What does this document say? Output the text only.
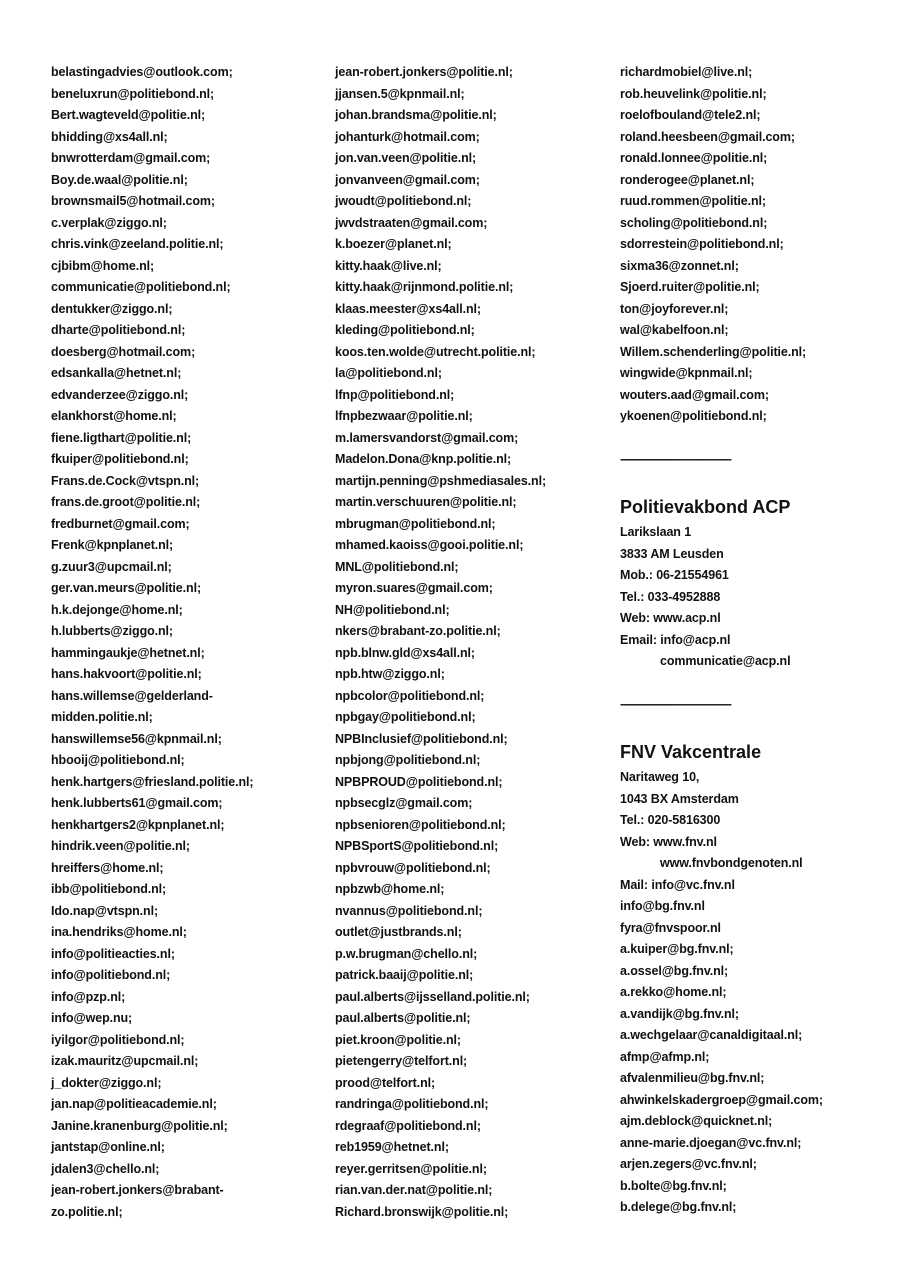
belastingadvies@outlook.com;
beneluxrun@politiebond.nl;
Bert.wagteveld@politie.nl;
bhidding@xs4all.nl;
bnwrotterdam@gmail.com;
Boy.de.waal@politie.nl;
brownsmail5@hotmail.com;
c.verplak@ziggo.nl;
chris.vink@zeeland.politie.nl;
cjbibm@home.nl;
communicatie@politiebond.nl;
dentukker@ziggo.nl;
dharte@politiebond.nl;
doesberg@hotmail.com;
edsankalla@hetnet.nl;
edvanderzee@ziggo.nl;
elankhorst@home.nl;
fiene.ligthart@politie.nl;
fkuiper@politiebond.nl;
Frans.de.Cock@vtspn.nl;
frans.de.groot@politie.nl;
fredburnet@gmail.com;
Frenk@kpnplanet.nl;
g.zuur3@upcmail.nl;
ger.van.meurs@politie.nl;
h.k.dejonge@home.nl;
h.lubberts@ziggo.nl;
hammingaukje@hetnet.nl;
hans.hakvoort@politie.nl;
hans.willemse@gelderland-
midden.politie.nl;
hanswillemse56@kpnmail.nl;
hbooij@politiebond.nl;
henk.hartgers@friesland.politie.nl;
henk.lubberts61@gmail.com;
henkhartgers2@kpnplanet.nl;
hindrik.veen@politie.nl;
hreiffers@home.nl;
ibb@politiebond.nl;
Ido.nap@vtspn.nl;
ina.hendriks@home.nl;
info@politieacties.nl;
info@politiebond.nl;
info@pzp.nl;
info@wep.nu;
iyilgor@politiebond.nl;
izak.mauritz@upcmail.nl;
j_dokter@ziggo.nl;
jan.nap@politieacademie.nl;
Janine.kranenburg@politie.nl;
jantstap@online.nl;
jdalen3@chello.nl;
jean-robert.jonkers@brabant-
zo.politie.nl;
jean-robert.jonkers@politie.nl;
jjansen.5@kpnmail.nl;
johan.brandsma@politie.nl;
johanturk@hotmail.com;
jon.van.veen@politie.nl;
jonvanveen@gmail.com;
jwoudt@politiebond.nl;
jwvdstraaten@gmail.com;
k.boezer@planet.nl;
kitty.haak@live.nl;
kitty.haak@rijnmond.politie.nl;
klaas.meester@xs4all.nl;
kleding@politiebond.nl;
koos.ten.wolde@utrecht.politie.nl;
la@politiebond.nl;
lfnp@politiebond.nl;
lfnpbezwaar@politie.nl;
m.lamersvandorst@gmail.com;
Madelon.Dona@knp.politie.nl;
martijn.penning@pshmediasales.nl;
martin.verschuuren@politie.nl;
mbrugman@politiebond.nl;
mhamed.kaoiss@gooi.politie.nl;
MNL@politiebond.nl;
myron.suares@gmail.com;
NH@politiebond.nl;
nkers@brabant-zo.politie.nl;
npb.blnw.gld@xs4all.nl;
npb.htw@ziggo.nl;
npbcolor@politiebond.nl;
npbgay@politiebond.nl;
NPBInclusief@politiebond.nl;
npbjong@politiebond.nl;
NPBPROUD@politiebond.nl;
npbsecglz@gmail.com;
npbsenioren@politiebond.nl;
NPBSportS@politiebond.nl;
npbvrouw@politiebond.nl;
npbzwb@home.nl;
nvannus@politiebond.nl;
outlet@justbrands.nl;
p.w.brugman@chello.nl;
patrick.baaij@politie.nl;
paul.alberts@ijsselland.politie.nl;
paul.alberts@politie.nl;
piet.kroon@politie.nl;
pietengerry@telfort.nl;
prood@telfort.nl;
randringa@politiebond.nl;
rdegraaf@politiebond.nl;
reb1959@hetnet.nl;
reyer.gerritsen@politie.nl;
rian.van.der.nat@politie.nl;
Richard.bronswijk@politie.nl;
richardmobiel@live.nl;
rob.heuvelink@politie.nl;
roelofbouland@tele2.nl;
roland.heesbeen@gmail.com;
ronald.lonnee@politie.nl;
ronderogee@planet.nl;
ruud.rommen@politie.nl;
scholing@politiebond.nl;
sdorrestein@politiebond.nl;
sixma36@zonnet.nl;
Sjoerd.ruiter@politie.nl;
ton@joyforever.nl;
wal@kabelfoon.nl;
Willem.schenderling@politie.nl;
wingwide@kpnmail.nl;
wouters.aad@gmail.com;
ykoenen@politiebond.nl;
-------------------------------------
Politievakbond ACP
Larikslaan 1
3833 AM Leusden
Mob.: 06-21554961
Tel.: 033-4952888
Web: www.acp.nl
Email: info@acp.nl
communicatie@acp.nl
-------------------------------------
FNV Vakcentrale
Naritaweg 10,
1043 BX Amsterdam
Tel.: 020-5816300
Web: www.fnv.nl
www.fnvbondgenoten.nl
Mail: info@vc.fnv.nl
info@bg.fnv.nl
fyra@fnvspoor.nl
a.kuiper@bg.fnv.nl;
a.ossel@bg.fnv.nl;
a.rekko@home.nl;
a.vandijk@bg.fnv.nl;
a.wechgelaar@canaldigitaal.nl;
afmp@afmp.nl;
afvalenmilieu@bg.fnv.nl;
ahwinkelskadergroep@gmail.com;
ajm.deblock@quicknet.nl;
anne-marie.djoegan@vc.fnv.nl;
arjen.zegers@vc.fnv.nl;
b.bolte@bg.fnv.nl;
b.delege@bg.fnv.nl;
